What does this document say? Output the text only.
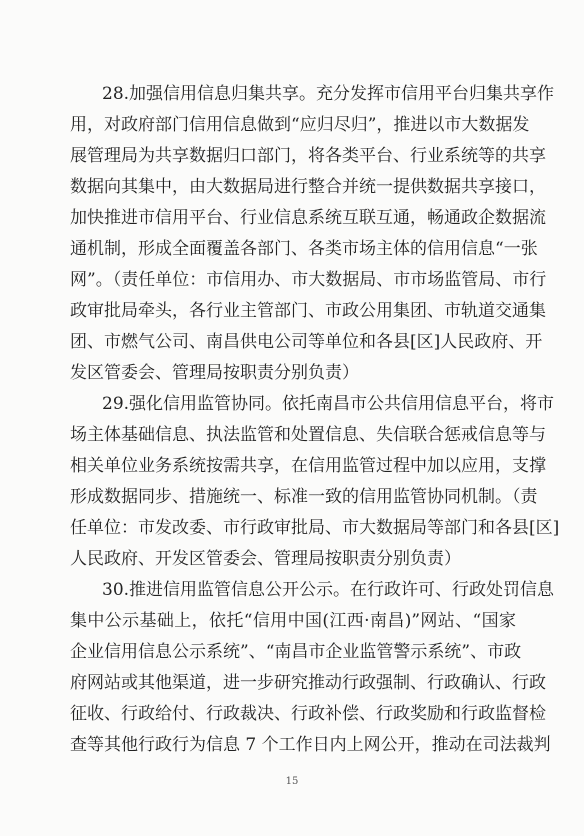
28.加强信用信息归集共享。充分发挥市信用平台归集共享作
用，对政府部门信用信息做到“应归尽归”，推进以市大数据发
展管理局为共享数据归口部门，将各类平台、行业系统等的共享
数据向其集中，由大数据局进行整合并统一提供数据共享接口，
加快推进市信用平台、行业信息系统互联互通，畅通政企数据流
通机制，形成全面覆盖各部门、各类市场主体的信用信息“一张
网”。（责任单位：市信用办、市大数据局、市市场监管局、市行
政审批局牵头，各行业主管部门、市政公用集团、市轨道交通集
团、市燃气公司、南昌供电公司等单位和各县[区]人民政府、开
发区管委会、管理局按职责分别负责）
29.强化信用监管协同。依托南昌市公共信用信息平台，将市
场主体基础信息、执法监管和处置信息、失信联合惩戒信息等与
相关单位业务系统按需共享，在信用监管过程中加以应用，支撑
形成数据同步、措施统一、标准一致的信用监管协同机制。（责
任单位：市发改委、市行政审批局、市大数据局等部门和各县[区]
人民政府、开发区管委会、管理局按职责分别负责）
30.推进信用监管信息公开公示。在行政许可、行政处罚信息
集中公示基础上，依托“信用中国(江西·南昌)”网站、“国家
企业信用信息公示系统”、“南昌市企业监管警示系统”、市政
府网站或其他渠道，进一步研究推动行政强制、行政确认、行政
征收、行政给付、行政裁决、行政补偿、行政奖励和行政监督检
查等其他行政行为信息 7 个工作日内上网公开，推动在司法裁判
15
